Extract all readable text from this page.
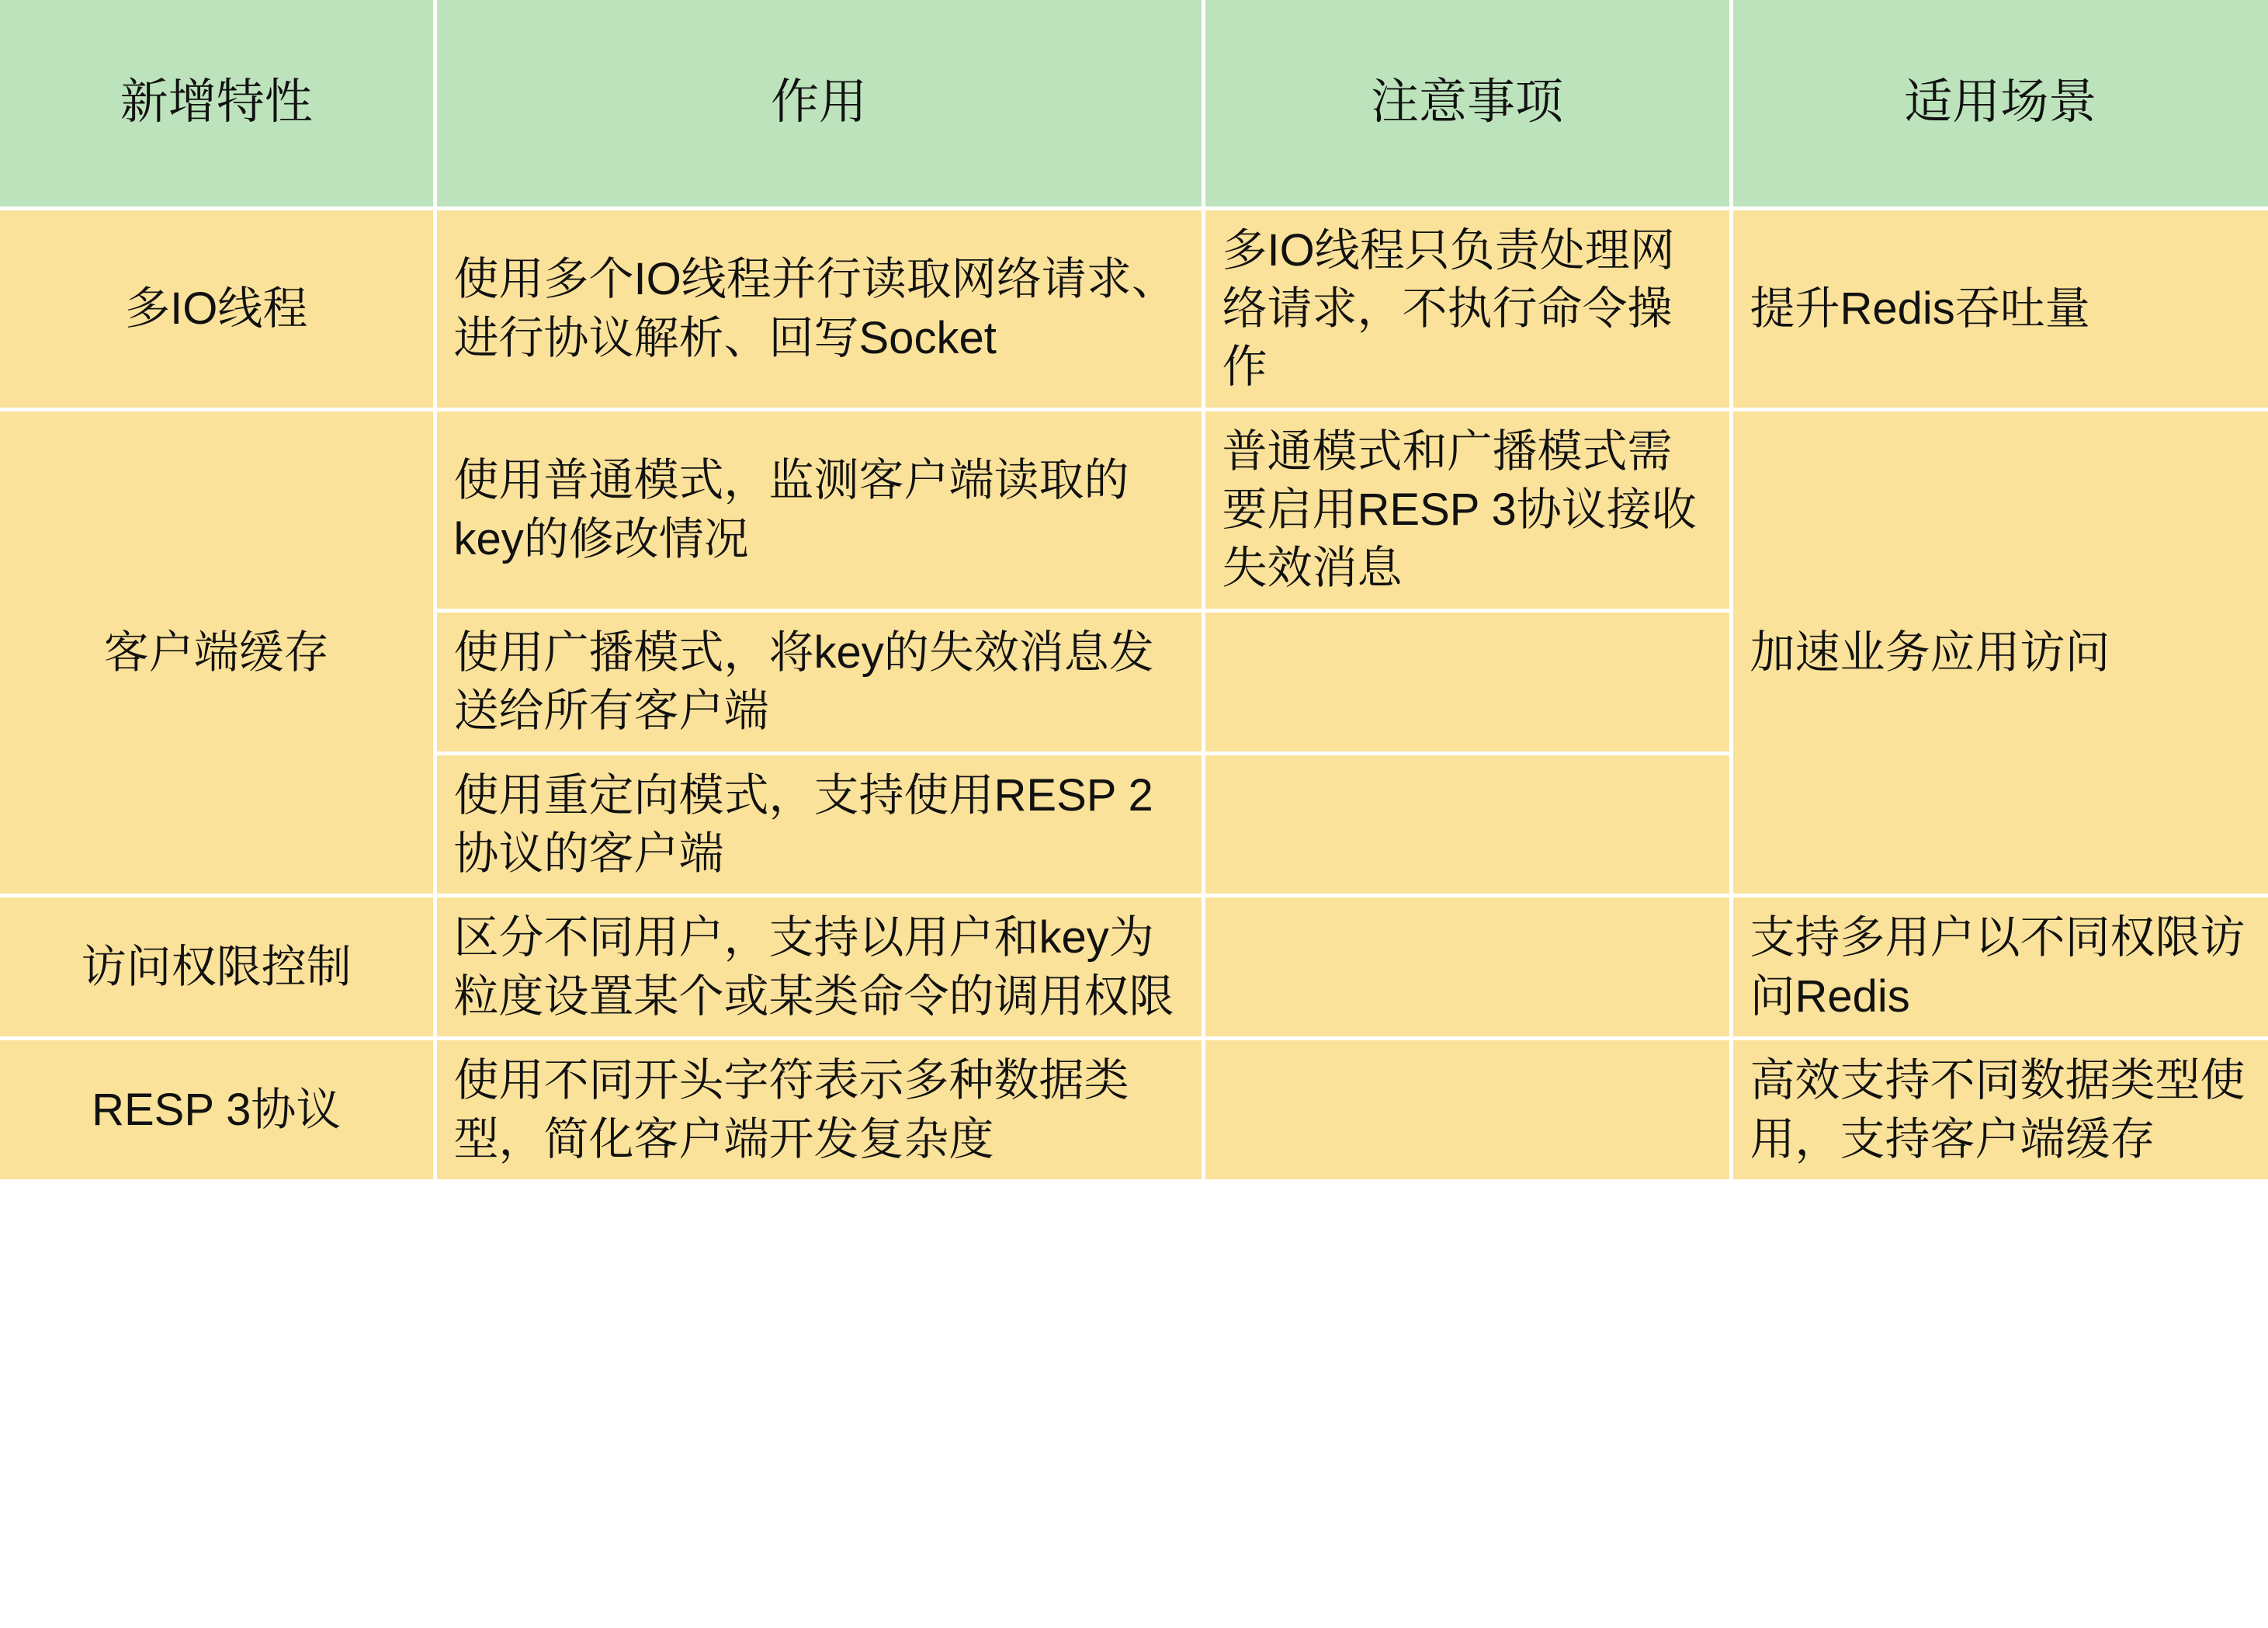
新增特性	作用	注意事项	适用场景
多IO线程	使用多个IO线程并行读取网络请求、进行协议解析、回写Socket	多IO线程只负责处理网络请求，不执行命令操作	提升Redis吞吐量
客户端缓存	使用普通模式，监测客户端读取的key的修改情况	普通模式和广播模式需要启用RESP 3协议接收失效消息	加速业务应用访问
	使用广播模式，将key的失效消息发送给所有客户端		
	使用重定向模式，支持使用RESP 2协议的客户端		
访问权限控制	区分不同用户，支持以用户和key为粒度设置某个或某类命令的调用权限		支持多用户以不同权限访问Redis
RESP 3协议	使用不同开头字符表示多种数据类型，简化客户端开发复杂度		高效支持不同数据类型使用，支持客户端缓存
